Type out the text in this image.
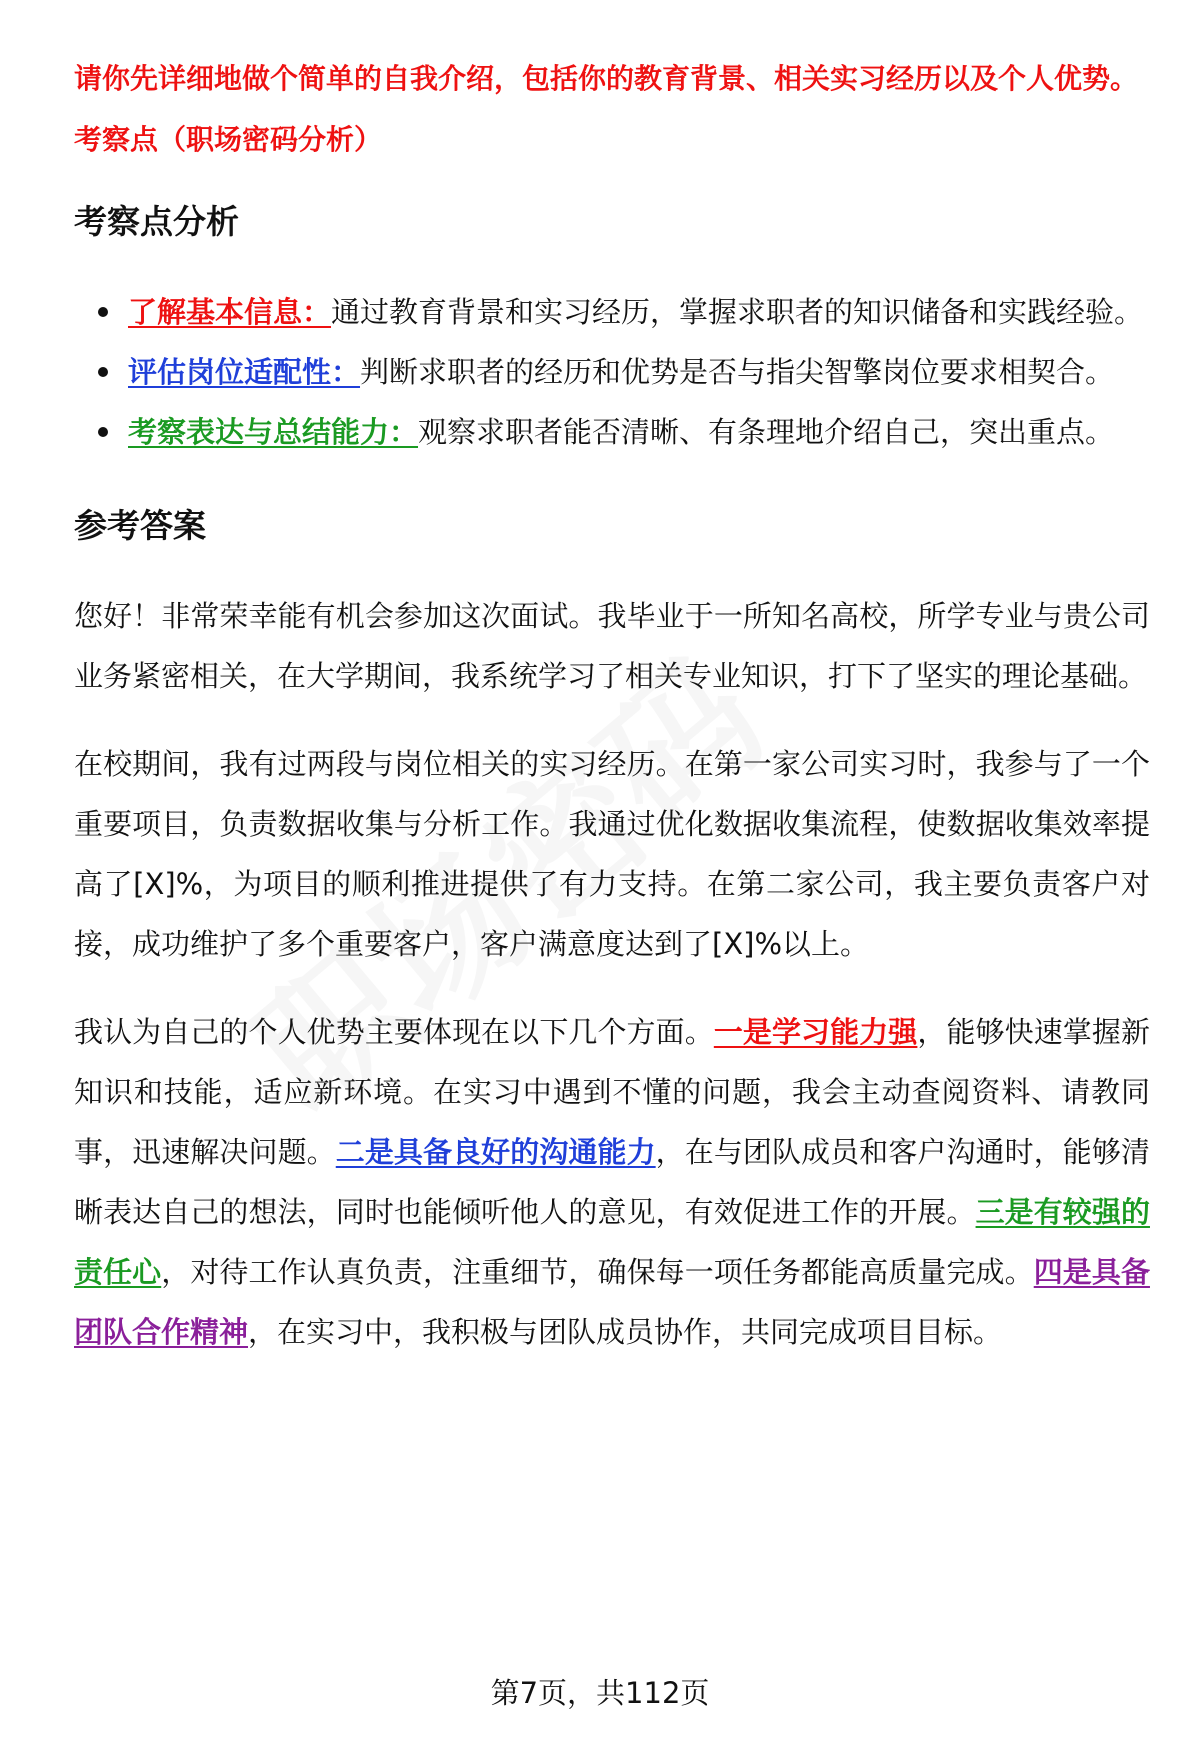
请你先详细地做个简单的自我介绍，包括你的教育背景、相关实习经历以及个人优势。
考察点（职场密码分析）
考察点分析
了解基本信息：通过教育背景和实习经历，掌握求职者的知识储备和实践经验。
评估岗位适配性：判断求职者的经历和优势是否与指尖智擎岗位要求相契合。
考察表达与总结能力：观察求职者能否清晰、有条理地介绍自己，突出重点。
参考答案

您好！非常荣幸能有机会参加这次面试。我毕业于一所知名高校，所学专业与贵公司业务紧密相关，在大学期间，我系统学习了相关专业知识，打下了坚实的理论基础。

在校期间，我有过两段与岗位相关的实习经历。在第一家公司实习时，我参与了一个重要项目，负责数据收集与分析工作。我通过优化数据收集流程，使数据收集效率提高了[X]%，为项目的顺利推进提供了有力支持。在第二家公司，我主要负责客户对接，成功维护了多个重要客户，客户满意度达到了[X]%以上。

我认为自己的个人优势主要体现在以下几个方面。一是学习能力强，能够快速掌握新知识和技能，适应新环境。在实习中遇到不懂的问题，我会主动查阅资料、请教同事，迅速解决问题。二是具备良好的沟通能力，在与团队成员和客户沟通时，能够清晰表达自己的想法，同时也能倾听他人的意见，有效促进工作的开展。三是有较强的责任心，对待工作认真负责，注重细节，确保每一项任务都能高质量完成。四是具备团队合作精神，在实习中，我积极与团队成员协作，共同完成项目目标。

第7页，共112页
